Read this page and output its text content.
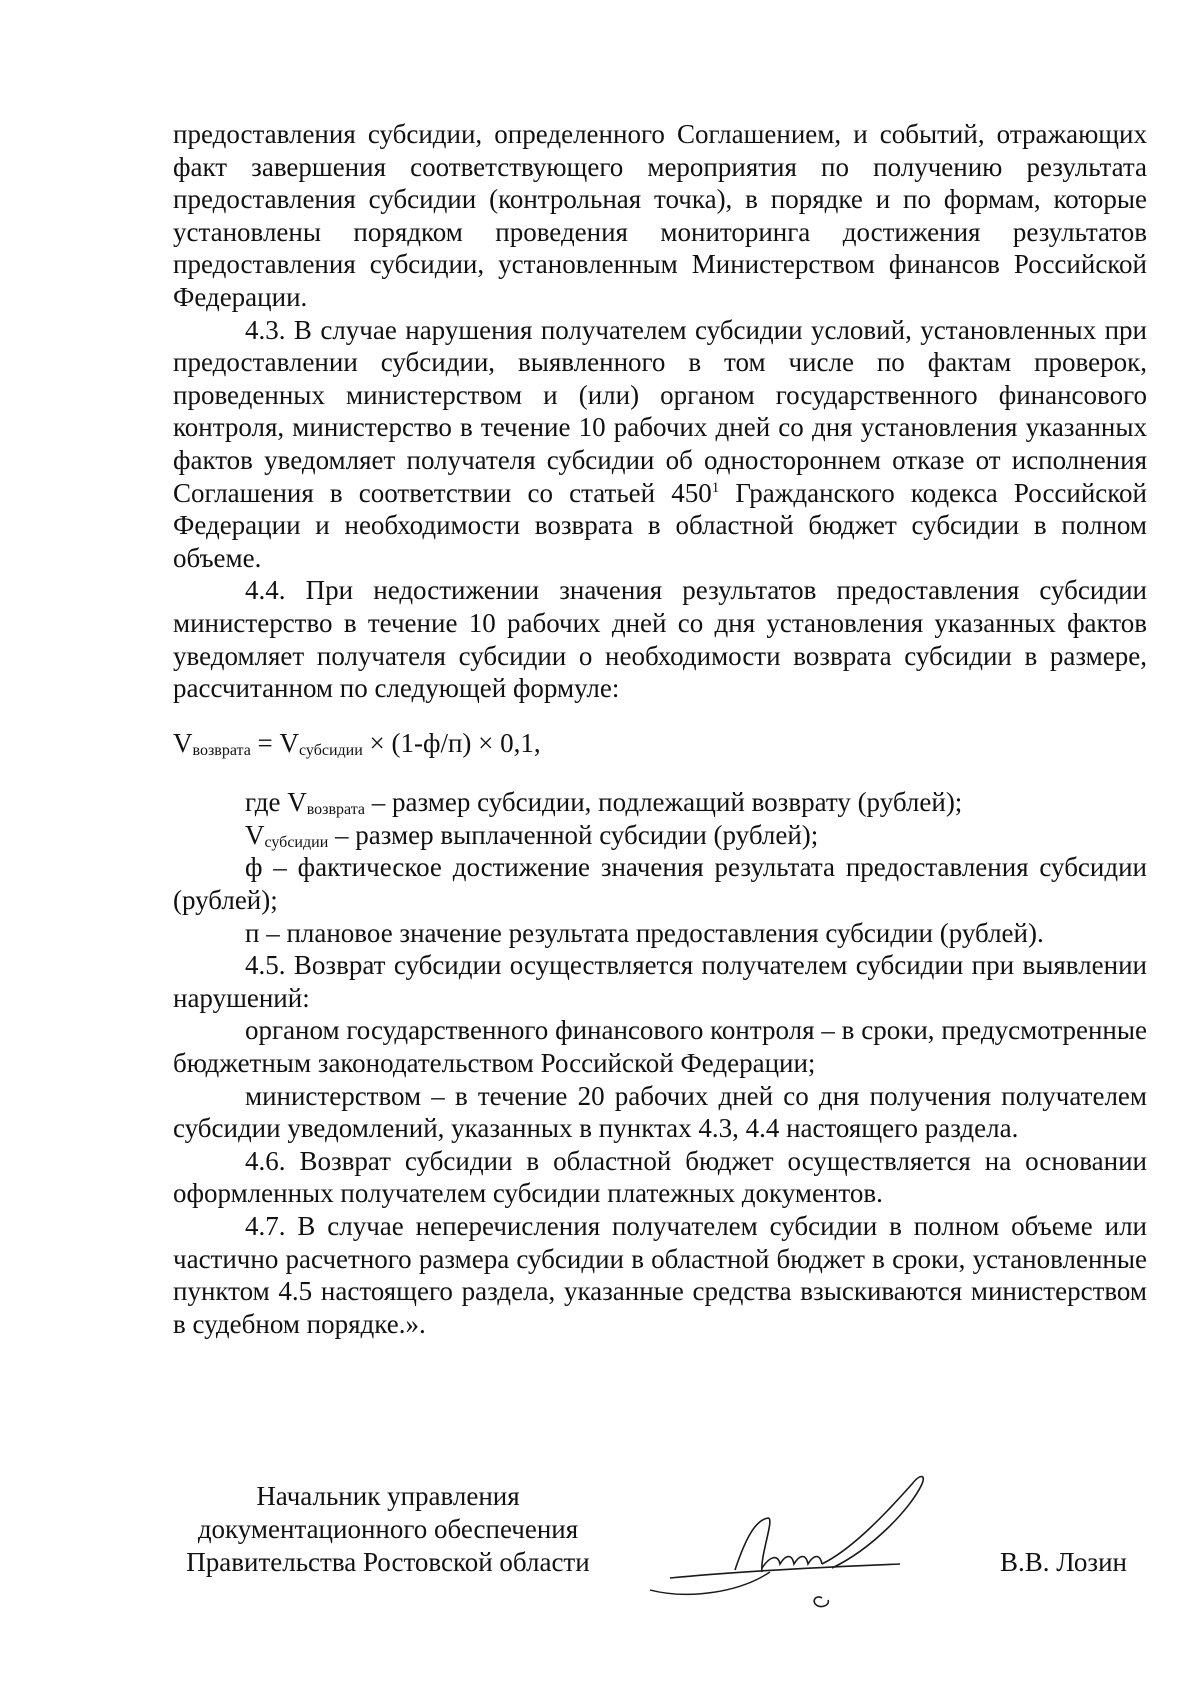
предоставления субсидии, определенного Соглашением, и событий, отражающих факт завершения соответствующего мероприятия по получению результата предоставления субсидии (контрольная точка), в порядке и по формам, которые установлены порядком проведения мониторинга достижения результатов предоставления субсидии, установленным Министерством финансов Российской Федерации.

4.3. В случае нарушения получателем субсидии условий, установленных при предоставлении субсидии, выявленного в том числе по фактам проверок, проведенных министерством и (или) органом государственного финансового контроля, министерство в течение 10 рабочих дней со дня установления указанных фактов уведомляет получателя субсидии об одностороннем отказе от исполнения Соглашения в соответствии со статьей $450^1$ Гражданского кодекса Российской Федерации и необходимости возврата в областной бюджет субсидии в полном объеме.

4.4. При недостижении значения результатов предоставления субсидии министерство в течение 10 рабочих дней со дня установления указанных фактов уведомляет получателя субсидии о необходимости возврата субсидии в размере, рассчитанном по следующей формуле:

$V_{возврата} = V_{субсидии} \times (1-ф/п) \times 0,1$,

где $V_{возврата}$ – размер субсидии, подлежащий возврату (рублей);

$V_{субсидии}$ – размер выплаченной субсидии (рублей);

ф – фактическое достижение значения результата предоставления субсидии (рублей);

п – плановое значение результата предоставления субсидии (рублей).

4.5. Возврат субсидии осуществляется получателем субсидии при выявлении нарушений:

органом государственного финансового контроля – в сроки, предусмотренные бюджетным законодательством Российской Федерации;

министерством – в течение 20 рабочих дней со дня получения получателем субсидии уведомлений, указанных в пунктах 4.3, 4.4 настоящего раздела.

4.6. Возврат субсидии в областной бюджет осуществляется на основании оформленных получателем субсидии платежных документов.

4.7. В случае неперечисления получателем субсидии в полном объеме или частично расчетного размера субсидии в областной бюджет в сроки, установленные пунктом 4.5 настоящего раздела, указанные средства взыскиваются министерством в судебном порядке.».

Начальник управления
документационного обеспечения
Правительства Ростовской области	В.В. Лозин
